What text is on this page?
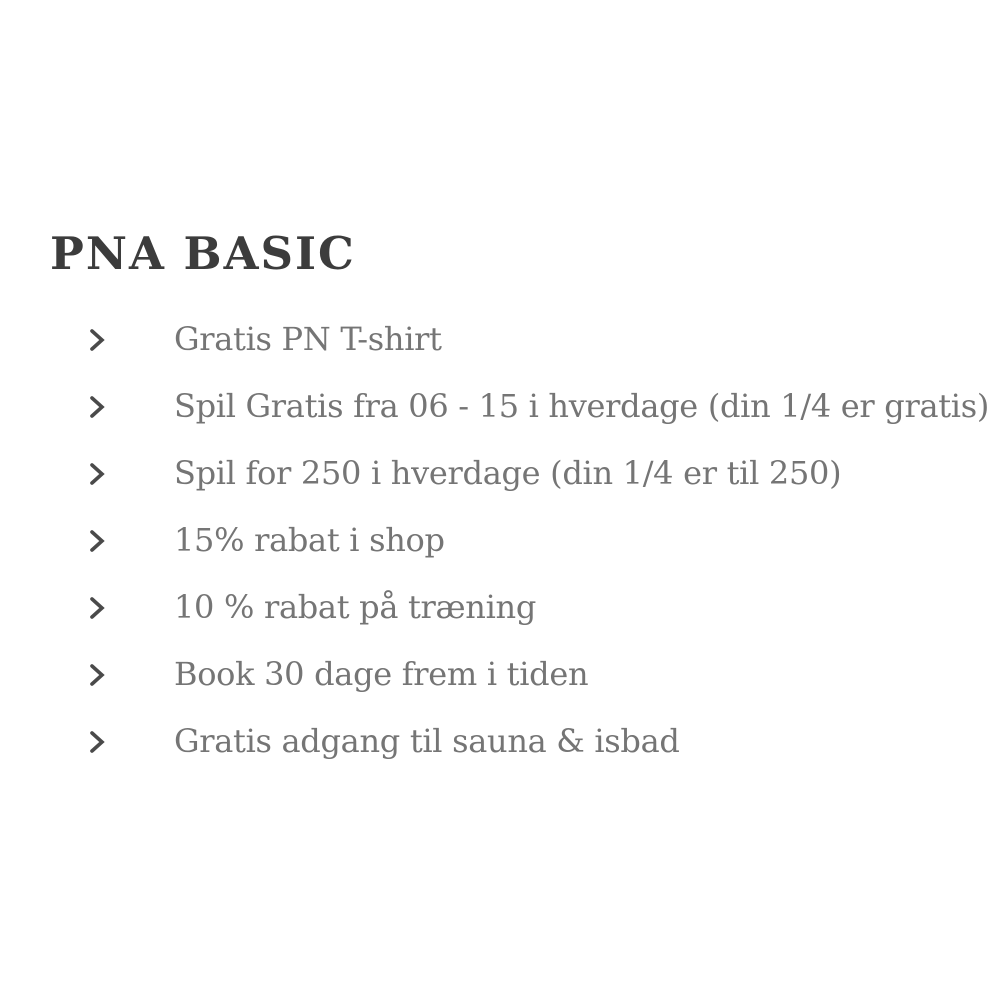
PNA BASIC
Gratis PN T-shirt
Spil Gratis fra 06 - 15 i hverdage (din 1/4 er gratis)
Spil for 250 i hverdage (din 1/4 er til 250)
15% rabat i shop
10 % rabat på træning
Book 30 dage frem i tiden
Gratis adgang til sauna & isbad
